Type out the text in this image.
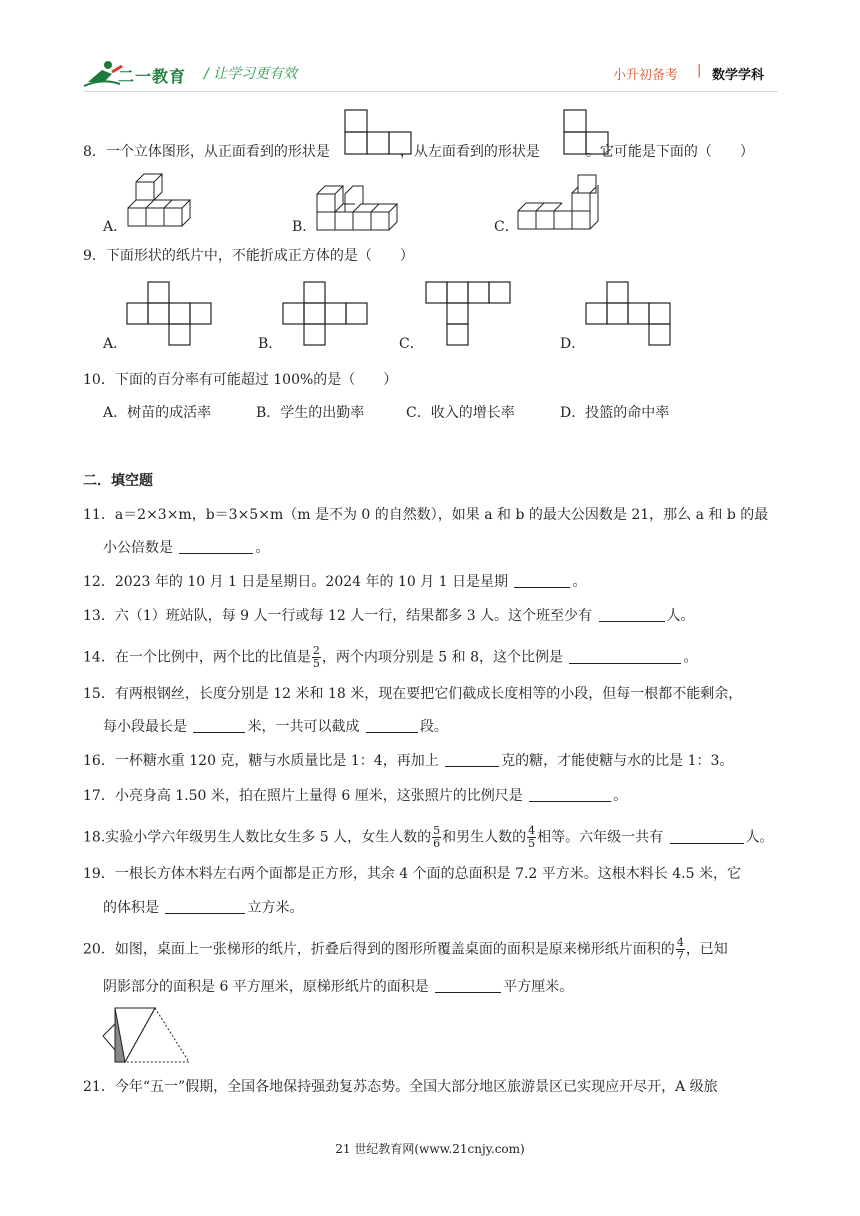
二一教育 / 让学习更有效	小升初备考 | 数学学科
8．一个立体图形，从正面看到的形状是	，从左面看到的形状是	。它可能是下面的（　　）
A．	B．	C．
9．下面形状的纸片中，不能折成正方体的是（　　）
A．	B．	C．	D．
10．下面的百分率有可能超过 100%的是（　　）
A．树苗的成活率	B．学生的出勤率	C．收入的增长率	D．投篮的命中率
二．填空题
11．a＝2×3×m，b＝3×5×m（m 是不为 0 的自然数），如果 a 和 b 的最大公因数是 21，那么 a 和 b 的最
小公倍数是	。
12．2023 年的 10 月 1 日是星期日。2024 年的 10 月 1 日是星期	。
13．六（1）班站队，每 9 人一行或每 12 人一行，结果都多 3 人。这个班至少有	人。
14．在一个比例中，两个比的比值是 $\frac{2}{5}$ ，两个内项分别是 5 和 8，这个比例是	。
15．有两根钢丝，长度分别是 12 米和 18 米，现在要把它们截成长度相等的小段，但每一根都不能剩余，
每小段最长是	米，一共可以截成	段。
16．一杯糖水重 120 克，糖与水质量比是 1：4，再加上	克的糖，才能使糖与水的比是 1：3。
17．小亮身高 1.50 米，拍在照片上量得 6 厘米，这张照片的比例尺是	。
18.实验小学六年级男生人数比女生多 5 人，女生人数的 $\frac{5}{6}$ 和男生人数的 $\frac{4}{5}$ 相等。六年级一共有	人。
19．一根长方体木料左右两个面都是正方形，其余 4 个面的总面积是 7.2 平方米。这根木料长 4.5 米，它
的体积是	立方米。
20．如图，桌面上一张梯形的纸片，折叠后得到的图形所覆盖桌面的面积是原来梯形纸片面积的 $\frac{4}{7}$ ，已知
阴影部分的面积是 6 平方厘米，原梯形纸片的面积是	平方厘米。
21．今年“五一”假期，全国各地保持强劲复苏态势。全国大部分地区旅游景区已实现应开尽开，A 级旅
21 世纪教育网(www.21cnjy.com)
